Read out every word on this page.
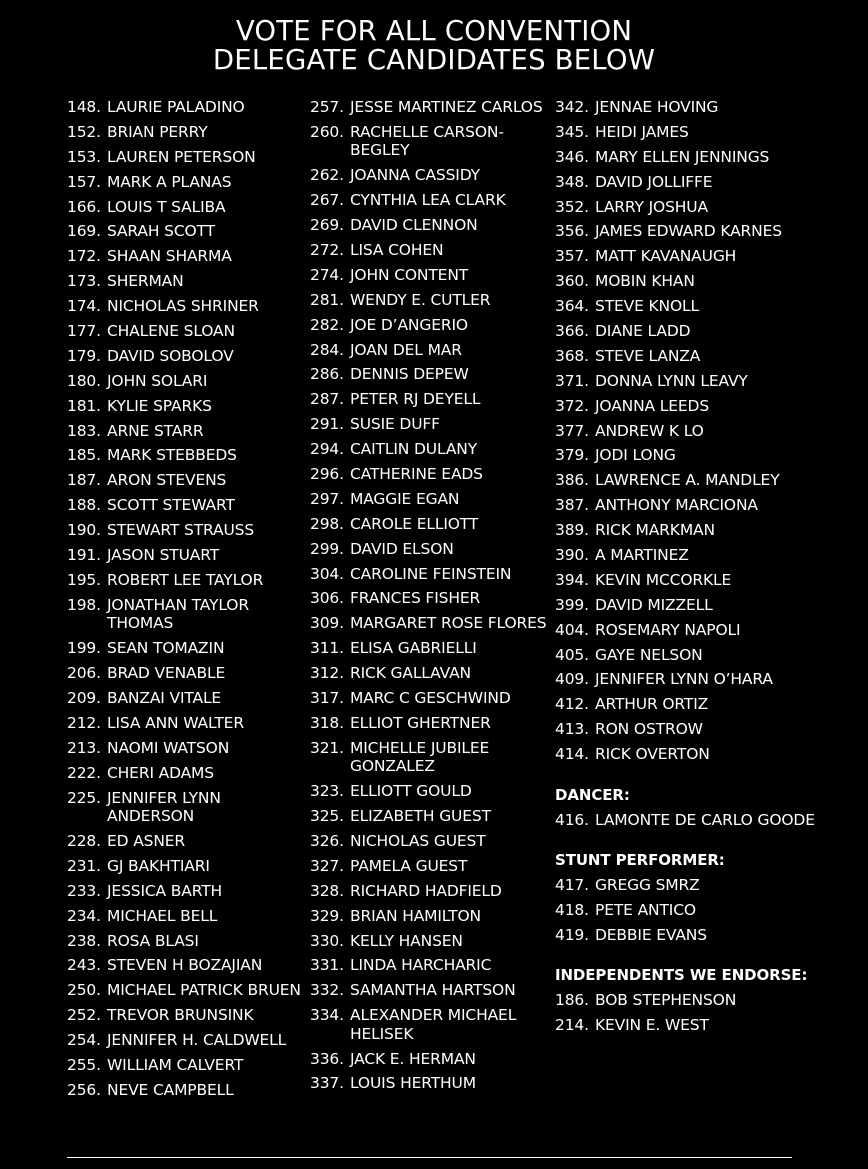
VOTE FOR ALL CONVENTION
DELEGATE CANDIDATES BELOW
148. LAURIE PALADINO
152. BRIAN PERRY
153. LAUREN PETERSON
157. MARK A PLANAS
166. LOUIS T SALIBA
169. SARAH SCOTT
172. SHAAN SHARMA
173. SHERMAN
174. NICHOLAS SHRINER
177. CHALENE SLOAN
179. DAVID SOBOLOV
180. JOHN SOLARI
181. KYLIE SPARKS
183. ARNE STARR
185. MARK STEBBEDS
187. ARON STEVENS
188. SCOTT STEWART
190. STEWART STRAUSS
191. JASON STUART
195. ROBERT LEE TAYLOR
198. JONATHAN TAYLOR THOMAS
199. SEAN TOMAZIN
206. BRAD VENABLE
209. BANZAI VITALE
212. LISA ANN WALTER
213. NAOMI WATSON
222. CHERI ADAMS
225. JENNIFER LYNN ANDERSON
228. ED ASNER
231. GJ BAKHTIARI
233. JESSICA BARTH
234. MICHAEL BELL
238. ROSA BLASI
243. STEVEN H BOZAJIAN
250. MICHAEL PATRICK BRUEN
252. TREVOR BRUNSINK
254. JENNIFER H. CALDWELL
255. WILLIAM CALVERT
256. NEVE CAMPBELL
257. JESSE MARTINEZ CARLOS
260. RACHELLE CARSON-BEGLEY
262. JOANNA CASSIDY
267. CYNTHIA LEA CLARK
269. DAVID CLENNON
272. LISA COHEN
274. JOHN CONTENT
281. WENDY E. CUTLER
282. JOE D’ANGERIO
284. JOAN DEL MAR
286. DENNIS DEPEW
287. PETER RJ DEYELL
291. SUSIE DUFF
294. CAITLIN DULANY
296. CATHERINE EADS
297. MAGGIE EGAN
298. CAROLE ELLIOTT
299. DAVID ELSON
304. CAROLINE FEINSTEIN
306. FRANCES FISHER
309. MARGARET ROSE FLORES
311. ELISA GABRIELLI
312. RICK GALLAVAN
317. MARC C GESCHWIND
318. ELLIOT GHERTNER
321. MICHELLE JUBILEE GONZALEZ
323. ELLIOTT GOULD
325. ELIZABETH GUEST
326. NICHOLAS GUEST
327. PAMELA GUEST
328. RICHARD HADFIELD
329. BRIAN HAMILTON
330. KELLY HANSEN
331. LINDA HARCHARIC
332. SAMANTHA HARTSON
334. ALEXANDER MICHAEL HELISEK
336. JACK E. HERMAN
337. LOUIS HERTHUM
342. JENNAE HOVING
345. HEIDI JAMES
346. MARY ELLEN JENNINGS
348. DAVID JOLLIFFE
352. LARRY JOSHUA
356. JAMES EDWARD KARNES
357. MATT KAVANAUGH
360. MOBIN KHAN
364. STEVE KNOLL
366. DIANE LADD
368. STEVE LANZA
371. DONNA LYNN LEAVY
372. JOANNA LEEDS
377. ANDREW K LO
379. JODI LONG
386. LAWRENCE A. MANDLEY
387. ANTHONY MARCIONA
389. RICK MARKMAN
390. A MARTINEZ
394. KEVIN MCCORKLE
399. DAVID MIZZELL
404. ROSEMARY NAPOLI
405. GAYE NELSON
409. JENNIFER LYNN O’HARA
412. ARTHUR ORTIZ
413. RON OSTROW
414. RICK OVERTON
DANCER:
416. LAMONTE DE CARLO GOODE
STUNT PERFORMER:
417. GREGG SMRZ
418. PETE ANTICO
419. DEBBIE EVANS
INDEPENDENTS WE ENDORSE:
186. BOB STEPHENSON
214. KEVIN E. WEST
